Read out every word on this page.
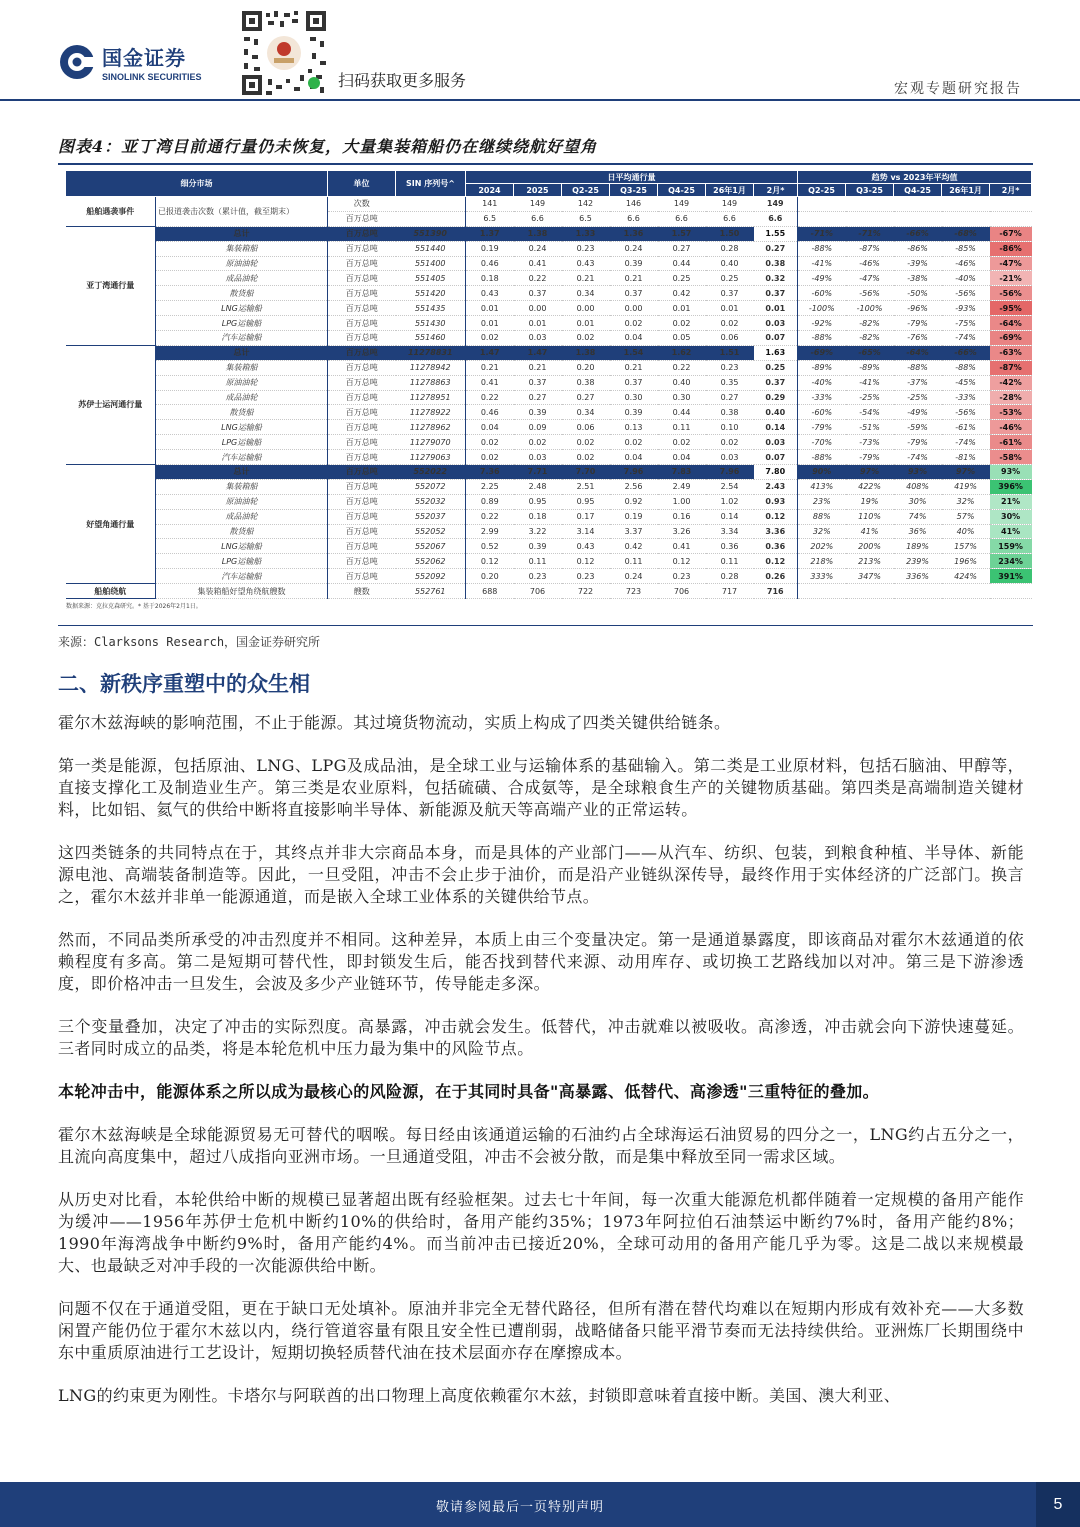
国金证券
SINOLINK SECURITIES	扫码获取更多服务	宏观专题研究报告
图表4：亚丁湾目前通行量仍未恢复，大量集装箱船仍在继续绕航好望角
细分市场		单位	SIN 序列号^	日平均通行量							趋势 vs 2023年平均值				
				2024	2025	Q2-25	Q3-25	Q4-25	26年1月	2月*	Q2-25	Q3-25	Q4-25	26年1月	2月*
船舶遇袭事件	已报道袭击次数（累计值，截至期末）	次数		141	149	142	146	149	149	149					
		百万总吨		6.5	6.6	6.5	6.6	6.6	6.6	6.6					
亚丁湾通行量	总计	百万总吨	551390	1.37	1.38	1.33	1.36	1.57	1.50	1.55	-71%	-71%	-66%	-68%	-67%
	集装箱船	百万总吨	551440	0.19	0.24	0.23	0.24	0.27	0.28	0.27	-88%	-87%	-86%	-85%	-86%
	原油油轮	百万总吨	551400	0.46	0.41	0.43	0.39	0.44	0.40	0.38	-41%	-46%	-39%	-46%	-47%
	成品油轮	百万总吨	551405	0.18	0.22	0.21	0.21	0.25	0.25	0.32	-49%	-47%	-38%	-40%	-21%
	散货船	百万总吨	551420	0.43	0.37	0.34	0.37	0.42	0.37	0.37	-60%	-56%	-50%	-56%	-56%
	LNG运输船	百万总吨	551435	0.01	0.00	0.00	0.00	0.01	0.01	0.01	-100%	-100%	-96%	-93%	-95%
	LPG运输船	百万总吨	551430	0.01	0.01	0.01	0.02	0.02	0.02	0.03	-92%	-82%	-79%	-75%	-64%
	汽车运输船	百万总吨	551460	0.02	0.03	0.02	0.04	0.05	0.06	0.07	-88%	-82%	-76%	-74%	-69%
苏伊士运河通行量	总计	百万总吨	11278831	1.47	1.47	1.38	1.54	1.62	1.51	1.63	-69%	-65%	-64%	-66%	-63%
	集装箱船	百万总吨	11278942	0.21	0.21	0.20	0.21	0.22	0.23	0.25	-89%	-89%	-88%	-88%	-87%
	原油油轮	百万总吨	11278863	0.41	0.37	0.38	0.37	0.40	0.35	0.37	-40%	-41%	-37%	-45%	-42%
	成品油轮	百万总吨	11278951	0.22	0.27	0.27	0.30	0.30	0.27	0.29	-33%	-25%	-25%	-33%	-28%
	散货船	百万总吨	11278922	0.46	0.39	0.34	0.39	0.44	0.38	0.40	-60%	-54%	-49%	-56%	-53%
	LNG运输船	百万总吨	11278962	0.04	0.09	0.06	0.13	0.11	0.10	0.14	-79%	-51%	-59%	-61%	-46%
	LPG运输船	百万总吨	11279070	0.02	0.02	0.02	0.02	0.02	0.02	0.03	-70%	-73%	-79%	-74%	-61%
	汽车运输船	百万总吨	11279063	0.02	0.03	0.02	0.04	0.04	0.03	0.07	-88%	-79%	-74%	-81%	-58%
好望角通行量	总计	百万总吨	552022	7.36	7.71	7.70	7.96	7.83	7.96	7.80	90%	97%	93%	97%	93%
	集装箱船	百万总吨	552072	2.25	2.48	2.51	2.56	2.49	2.54	2.43	413%	422%	408%	419%	396%
	原油油轮	百万总吨	552032	0.89	0.95	0.95	0.92	1.00	1.02	0.93	23%	19%	30%	32%	21%
	成品油轮	百万总吨	552037	0.22	0.18	0.17	0.19	0.16	0.14	0.12	88%	110%	74%	57%	30%
	散货船	百万总吨	552052	2.99	3.22	3.14	3.37	3.26	3.34	3.36	32%	41%	36%	40%	41%
	LNG运输船	百万总吨	552067	0.52	0.39	0.43	0.42	0.41	0.36	0.36	202%	200%	189%	157%	159%
	LPG运输船	百万总吨	552062	0.12	0.11	0.12	0.11	0.12	0.11	0.12	218%	213%	239%	196%	234%
	汽车运输船	百万总吨	552092	0.20	0.23	0.23	0.24	0.23	0.28	0.26	333%	347%	336%	424%	391%
船舶绕航	集装箱船好望角绕航艘数	艘数	552761	688	706	722	723	706	717	716					
数据来源：克拉克森研究。* 基于2026年2月1日。
来源：Clarksons Research，国金证券研究所
二、新秩序重塑中的众生相

霍尔木兹海峡的影响范围，不止于能源。其过境货物流动，实质上构成了四类关键供给链条。

第一类是能源，包括原油、LNG、LPG及成品油，是全球工业与运输体系的基础输入。第二类是工业原材料，包括石脑油、甲醇等，直接支撑化工及制造业生产。第三类是农业原料，包括硫磺、合成氨等，是全球粮食生产的关键物质基础。第四类是高端制造关键材料，比如铝、氦气的供给中断将直接影响半导体、新能源及航天等高端产业的正常运转。

这四类链条的共同特点在于，其终点并非大宗商品本身，而是具体的产业部门——从汽车、纺织、包装，到粮食种植、半导体、新能源电池、高端装备制造等。因此，一旦受阻，冲击不会止步于油价，而是沿产业链纵深传导，最终作用于实体经济的广泛部门。换言之，霍尔木兹并非单一能源通道，而是嵌入全球工业体系的关键供给节点。

然而，不同品类所承受的冲击烈度并不相同。这种差异，本质上由三个变量决定。第一是通道暴露度，即该商品对霍尔木兹通道的依赖程度有多高。第二是短期可替代性，即封锁发生后，能否找到替代来源、动用库存、或切换工艺路线加以对冲。第三是下游渗透度，即价格冲击一旦发生，会波及多少产业链环节，传导能走多深。

三个变量叠加，决定了冲击的实际烈度。高暴露，冲击就会发生。低替代，冲击就难以被吸收。高渗透，冲击就会向下游快速蔓延。三者同时成立的品类，将是本轮危机中压力最为集中的风险节点。

本轮冲击中，能源体系之所以成为最核心的风险源，在于其同时具备"高暴露、低替代、高渗透"三重特征的叠加。

霍尔木兹海峡是全球能源贸易无可替代的咽喉。每日经由该通道运输的石油约占全球海运石油贸易的四分之一，LNG约占五分之一，且流向高度集中，超过八成指向亚洲市场。一旦通道受阻，冲击不会被分散，而是集中释放至同一需求区域。

从历史对比看，本轮供给中断的规模已显著超出既有经验框架。过去七十年间，每一次重大能源危机都伴随着一定规模的备用产能作为缓冲——1956年苏伊士危机中断约10%的供给时，备用产能约35%；1973年阿拉伯石油禁运中断约7%时，备用产能约8%；1990年海湾战争中断约9%时，备用产能约4%。而当前冲击已接近20%，全球可动用的备用产能几乎为零。这是二战以来规模最大、也最缺乏对冲手段的一次能源供给中断。

问题不仅在于通道受阻，更在于缺口无处填补。原油并非完全无替代路径，但所有潜在替代均难以在短期内形成有效补充——大多数闲置产能仍位于霍尔木兹以内，绕行管道容量有限且安全性已遭削弱，战略储备只能平滑节奏而无法持续供给。亚洲炼厂长期围绕中东中重质原油进行工艺设计，短期切换轻质替代油在技术层面亦存在摩擦成本。

LNG的约束更为刚性。卡塔尔与阿联酋的出口物理上高度依赖霍尔木兹，封锁即意味着直接中断。美国、澳大利亚、

敬请参阅最后一页特别声明	5
